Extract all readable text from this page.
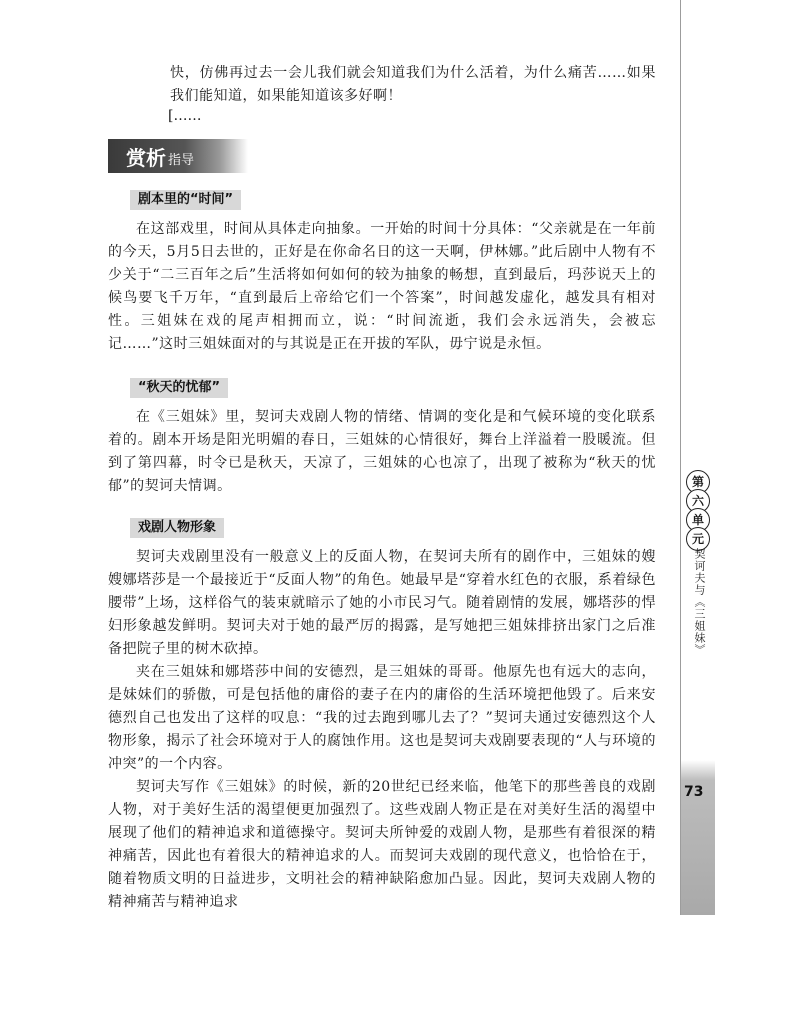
快，仿佛再过去一会儿我们就会知道我们为什么活着，为什么痛苦……如果我们能知道，如果能知道该多好啊！

[……
赏析 指导
剧本里的“时间”

在这部戏里，时间从具体走向抽象。一开始的时间十分具体：“父亲就是在一年前的今天，5月5日去世的，正好是在你命名日的这一天啊，伊林娜。”此后剧中人物有不少关于“二三百年之后”生活将如何如何的较为抽象的畅想，直到最后，玛莎说天上的候鸟要飞千万年，“直到最后上帝给它们一个答案”，时间越发虚化，越发具有相对性。三姐妹在戏的尾声相拥而立，说：“时间流逝，我们会永远消失，会被忘记……”这时三姐妹面对的与其说是正在开拔的军队，毋宁说是永恒。

“秋天的忧郁”

在《三姐妹》里，契诃夫戏剧人物的情绪、情调的变化是和气候环境的变化联系着的。剧本开场是阳光明媚的春日，三姐妹的心情很好，舞台上洋溢着一股暖流。但到了第四幕，时令已是秋天，天凉了，三姐妹的心也凉了，出现了被称为“秋天的忧郁”的契诃夫情调。

戏剧人物形象

契诃夫戏剧里没有一般意义上的反面人物，在契诃夫所有的剧作中，三姐妹的嫂嫂娜塔莎是一个最接近于“反面人物”的角色。她最早是“穿着水红色的衣服，系着绿色腰带”上场，这样俗气的装束就暗示了她的小市民习气。随着剧情的发展，娜塔莎的悍妇形象越发鲜明。契诃夫对于她的最严厉的揭露，是写她把三姐妹排挤出家门之后准备把院子里的树木砍掉。

夹在三姐妹和娜塔莎中间的安德烈，是三姐妹的哥哥。他原先也有远大的志向，是妹妹们的骄傲，可是包括他的庸俗的妻子在内的庸俗的生活环境把他毁了。后来安德烈自己也发出了这样的叹息：“我的过去跑到哪儿去了？”契诃夫通过安德烈这个人物形象，揭示了社会环境对于人的腐蚀作用。这也是契诃夫戏剧要表现的“人与环境的冲突”的一个内容。

契诃夫写作《三姐妹》的时候，新的20世纪已经来临，他笔下的那些善良的戏剧人物，对于美好生活的渴望便更加强烈了。这些戏剧人物正是在对美好生活的渴望中展现了他们的精神追求和道德操守。契诃夫所钟爱的戏剧人物，是那些有着很深的精神痛苦，因此也有着很大的精神追求的人。而契诃夫戏剧的现代意义，也恰恰在于，随着物质文明的日益进步，文明社会的精神缺陷愈加凸显。因此，契诃夫戏剧人物的精神痛苦与精神追求

第
六
单
元
契诃夫与《三姐妹》
73
